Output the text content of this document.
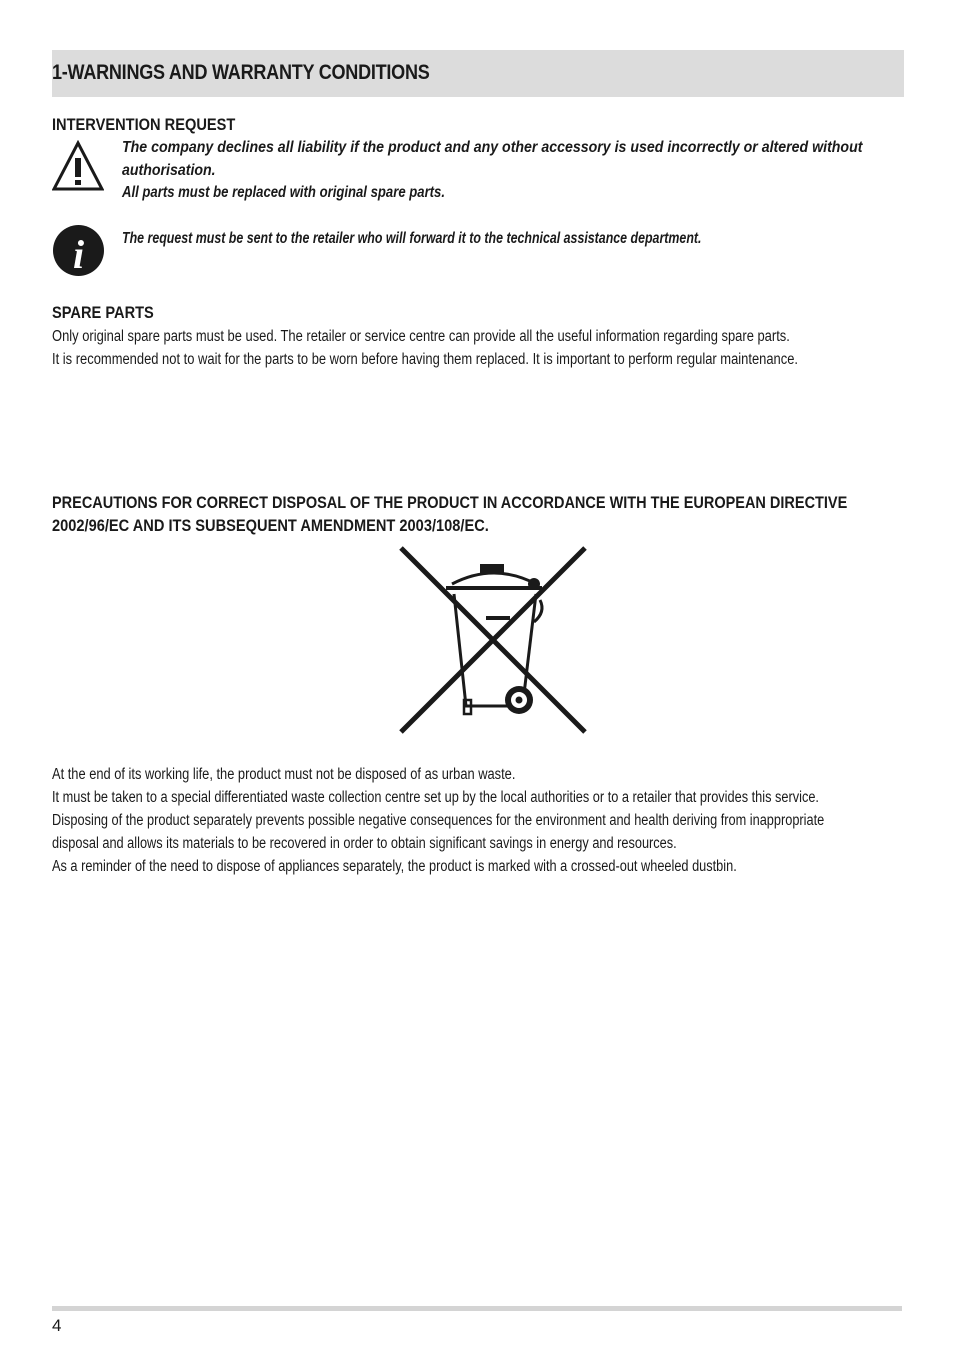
1-WARNINGS AND WARRANTY CONDITIONS
INTERVENTION REQUEST
The company declines all liability if the product and any other accessory is used incorrectly or altered without
authorisation.
All parts must be replaced with original spare parts.
i The request must be sent to the retailer who will forward it to the technical assistance department.
SPARE PARTS
Only original spare parts must be used. The retailer or service centre can provide all the useful information regarding spare parts.
It is recommended not to wait for the parts to be worn before having them replaced. It is important to perform regular maintenance.
PRECAUTIONS FOR CORRECT DISPOSAL OF THE PRODUCT IN ACCORDANCE WITH THE EUROPEAN DIRECTIVE
2002/96/EC AND ITS SUBSEQUENT AMENDMENT 2003/108/EC.
At the end of its working life, the product must not be disposed of as urban waste.
It must be taken to a special differentiated waste collection centre set up by the local authorities or to a retailer that provides this service.
Disposing of the product separately prevents possible negative consequences for the environment and health deriving from inappropriate
disposal and allows its materials to be recovered in order to obtain significant savings in energy and resources.
As a reminder of the need to dispose of appliances separately, the product is marked with a crossed-out wheeled dustbin.
4
